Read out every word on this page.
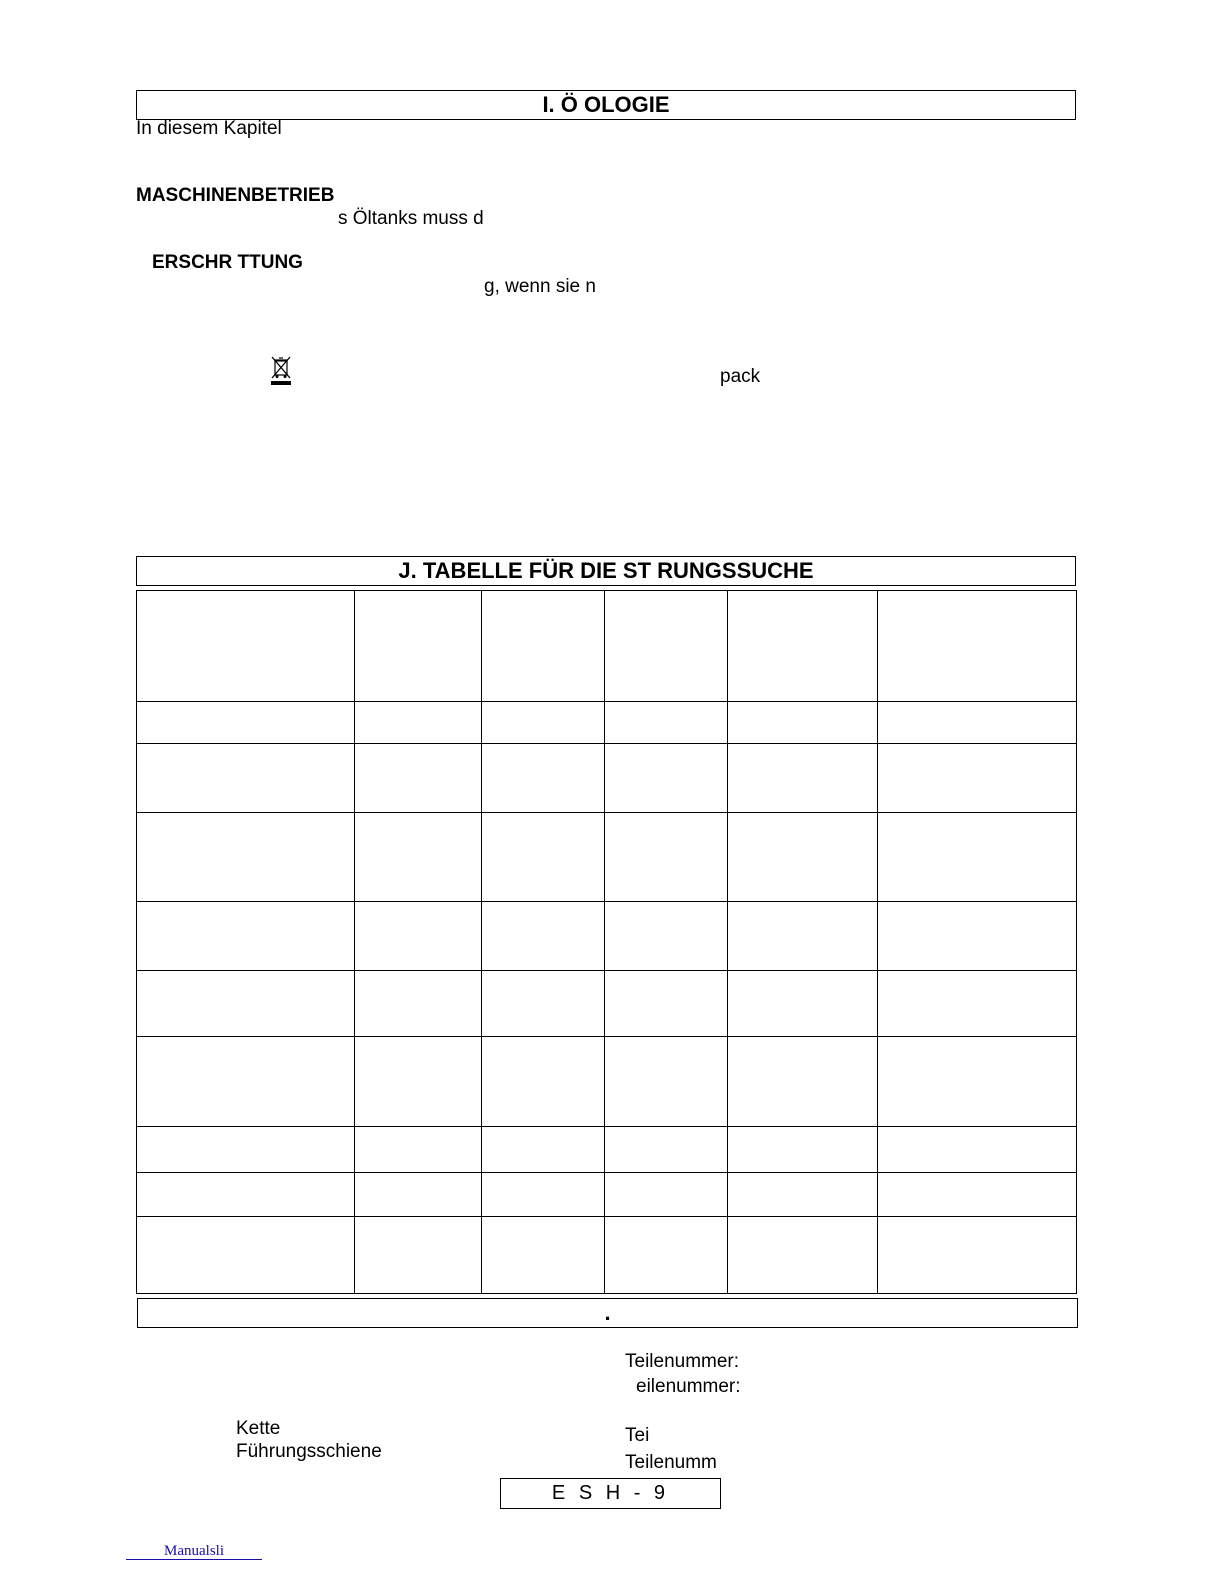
I. Ö OLOGIE
In diesem Kapitel
MASCHINENBETRIEB
s Öltanks muss d
ERSCHR TTUNG
g, wenn sie n
pack
J. TABELLE FÜR DIE ST RUNGSSUCHE

.
Teilenummer:
eilenummer:
Kette
Führungsschiene
Tei
Teilenumm
E S H - 9
Manualsli
